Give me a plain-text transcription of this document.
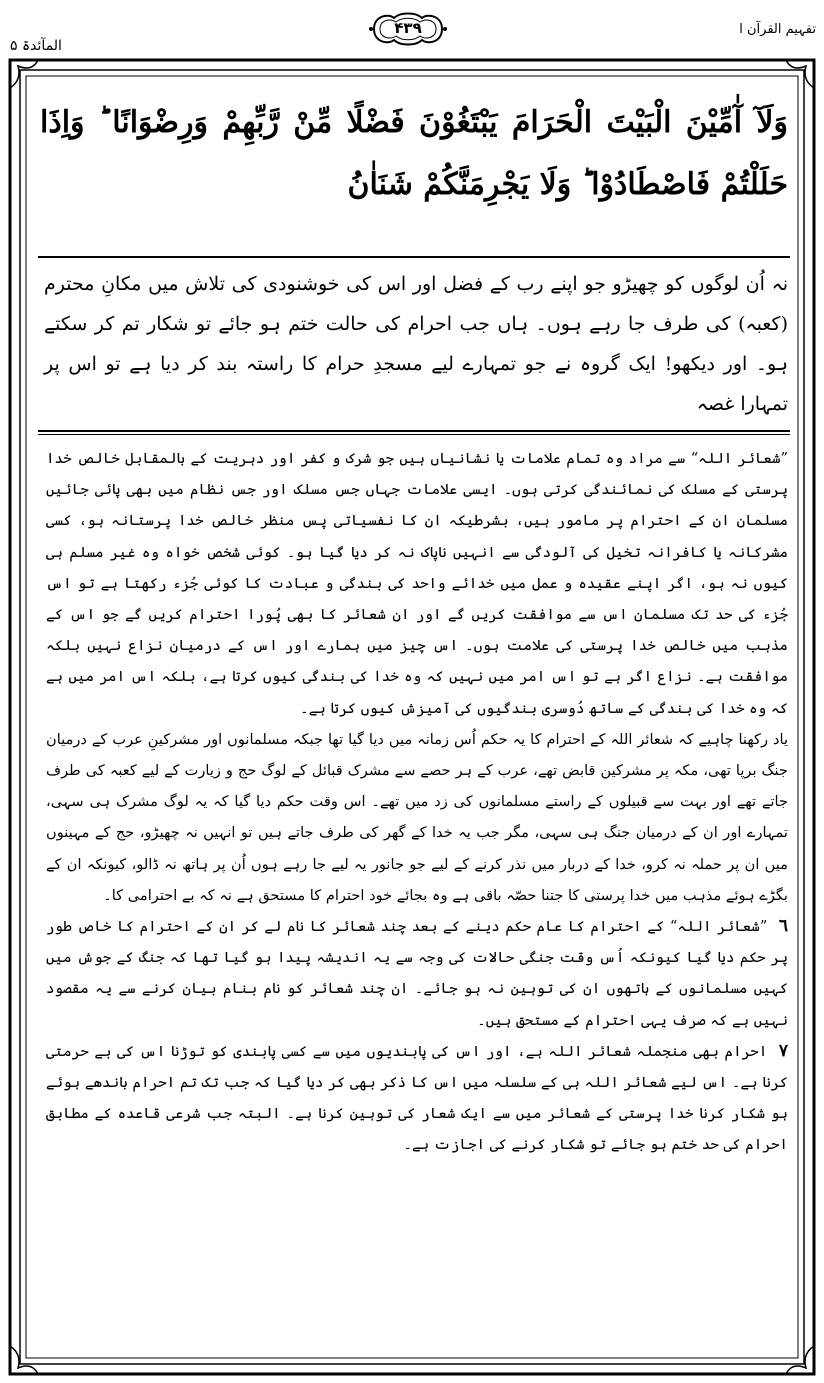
المآئدۃ ۵
۴۳۹	تفہیم القرآن ا
وَلَآ آٰمِّیْنَ الْبَیْتَ الْحَرَامَ یَبْتَغُوْنَ فَضْلًا مِّنْ رَّبِّهِمْ وَرِضْوَانًا ؕ وَاِذَا حَلَلْتُمْ فَاصْطَادُوْا ؕ وَلَا یَجْرِمَنَّكُمْ شَنَاٰنُ
نہ اُن لوگوں کو چھیڑو جو اپنے رب کے فضل اور اس کی خوشنودی کی تلاش میں مکانِ محترم (کعبہ) کی طرف جا رہے ہوں۔ ہاں جب احرام کی حالت ختم ہو جائے تو شکار تم کر سکتے ہو۔ اور دیکھو! ایک گروہ نے جو تمہارے لیے مسجدِ حرام کا راستہ بند کر دیا ہے تو اس پر تمہارا غصہ

”شعائر اللہ“ سے مراد وہ تمام علامات یا نشانیاں ہیں جو شرک و کفر اور دہریت کے بالمقابل خالص خدا پرستی کے مسلک کی نمائندگی کرتی ہوں۔ ایسی علامات جہاں جس مسلک اور جس نظام میں بھی پائی جائیں مسلمان ان کے احترام پر مامور ہیں، بشرطیکہ ان کا نفسیاتی پس منظر خالص خدا پرستانہ ہو، کسی مشرکانہ یا کافرانہ تخیل کی آلودگی سے انہیں ناپاک نہ کر دیا گیا ہو۔ کوئی شخص خواہ وہ غیر مسلم ہی کیوں نہ ہو، اگر اپنے عقیدہ و عمل میں خدائے واحد کی بندگی و عبادت کا کوئی جُزء رکھتا ہے تو اس جُزء کی حد تک مسلمان اس سے موافقت کریں گے اور ان شعائر کا بھی پُورا احترام کریں گے جو اس کے مذہب میں خالص خدا پرستی کی علامت ہوں۔ اس چیز میں ہمارے اور اس کے درمیان نزاع نہیں بلکہ موافقت ہے۔ نزاع اگر ہے تو اس امر میں نہیں کہ وہ خدا کی بندگی کیوں کرتا ہے، بلکہ اس امر میں ہے کہ وہ خدا کی بندگی کے ساتھ دُوسری بندگیوں کی آمیزش کیوں کرتا ہے۔

یاد رکھنا چاہیے کہ شعائر اللہ کے احترام کا یہ حکم اُس زمانہ میں دیا گیا تھا جبکہ مسلمانوں اور مشرکینِ عرب کے درمیان جنگ برپا تھی، مکہ پر مشرکین قابض تھے، عرب کے ہر حصے سے مشرک قبائل کے لوگ حج و زیارت کے لیے کعبہ کی طرف جاتے تھے اور بہت سے قبیلوں کے راستے مسلمانوں کی زد میں تھے۔ اس وقت حکم دیا گیا کہ یہ لوگ مشرک ہی سہی، تمہارے اور ان کے درمیان جنگ ہی سہی، مگر جب یہ خدا کے گھر کی طرف جاتے ہیں تو انہیں نہ چھیڑو، حج کے مہینوں میں ان پر حملہ نہ کرو، خدا کے دربار میں نذر کرنے کے لیے جو جانور یہ لیے جا رہے ہوں اُن پر ہاتھ نہ ڈالو، کیونکہ ان کے بگڑے ہوئے مذہب میں خدا پرستی کا جتنا حصّہ باقی ہے وہ بجائے خود احترام کا مستحق ہے نہ کہ بے احترامی کا۔

٦ ”شعائر اللہ“ کے احترام کا عام حکم دینے کے بعد چند شعائر کا نام لے کر ان کے احترام کا خاص طور پر حکم دیا گیا کیونکہ اُس وقت جنگی حالات کی وجہ سے یہ اندیشہ پیدا ہو گیا تھا کہ جنگ کے جوش میں کہیں مسلمانوں کے ہاتھوں ان کی توہین نہ ہو جائے۔ ان چند شعائر کو نام بنام بیان کرنے سے یہ مقصود نہیں ہے کہ صرف یہی احترام کے مستحق ہیں۔

٧ احرام بھی منجملہ شعائر اللہ ہے، اور اس کی پابندیوں میں سے کسی پابندی کو توڑنا اس کی بے حرمتی کرنا ہے۔ اس لیے شعائر اللہ ہی کے سلسلہ میں اس کا ذکر بھی کر دیا گیا کہ جب تک تم احرام باندھے ہوئے ہو شکار کرنا خدا پرستی کے شعائر میں سے ایک شعار کی توہین کرنا ہے۔ البتہ جب شرعی قاعدہ کے مطابق احرام کی حد ختم ہو جائے تو شکار کرنے کی اجازت ہے۔
